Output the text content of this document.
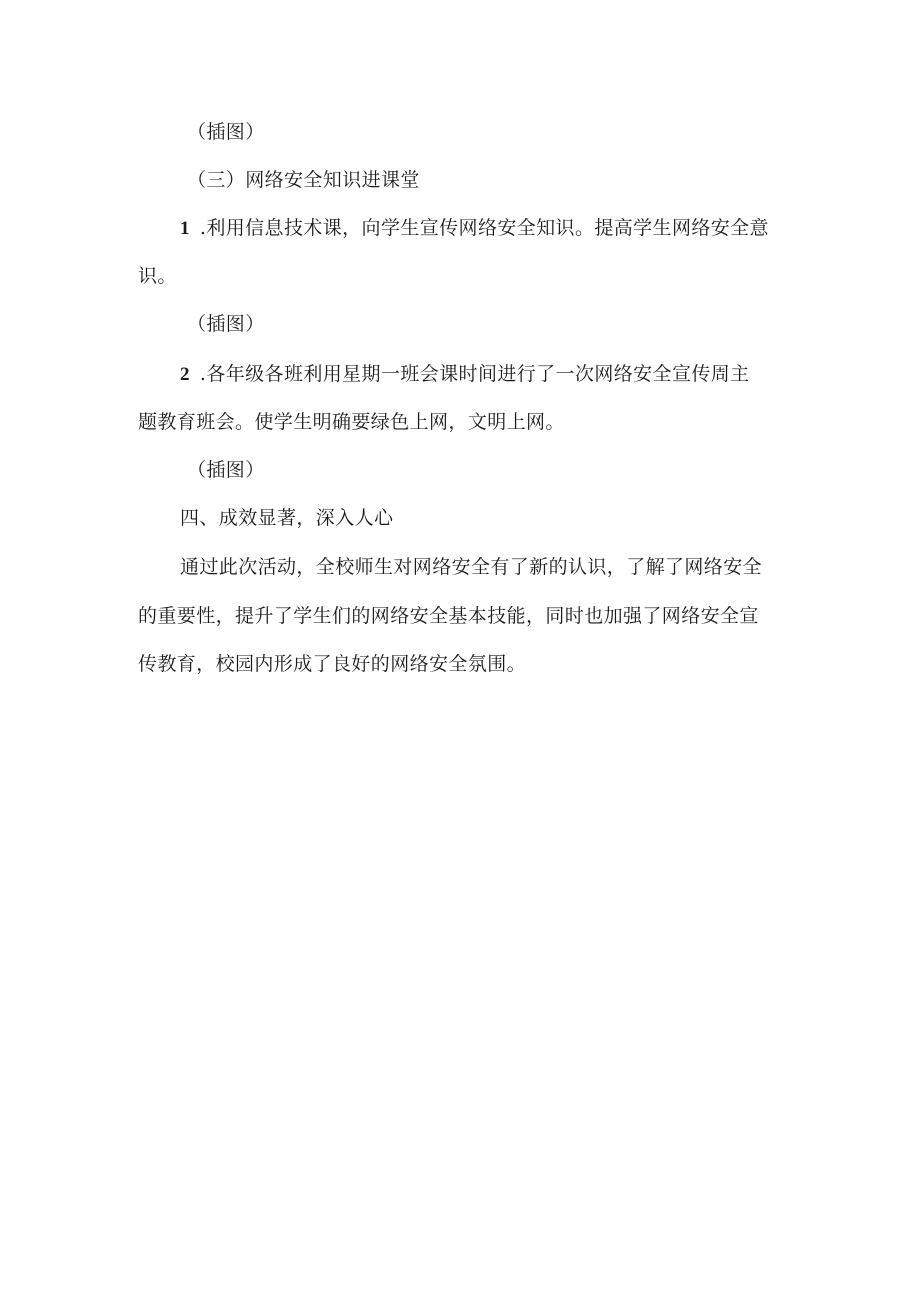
（插图）
（三）网络安全知识进课堂
1 .利用信息技术课，向学生宣传网络安全知识。提高学生网络安全意
识。
（插图）
2 .各年级各班利用星期一班会课时间进行了一次网络安全宣传周主
题教育班会。使学生明确要绿色上网，文明上网。
（插图）
四、成效显著，深入人心
通过此次活动，全校师生对网络安全有了新的认识，了解了网络安全
的重要性，提升了学生们的网络安全基本技能，同时也加强了网络安全宣
传教育，校园内形成了良好的网络安全氛围。
